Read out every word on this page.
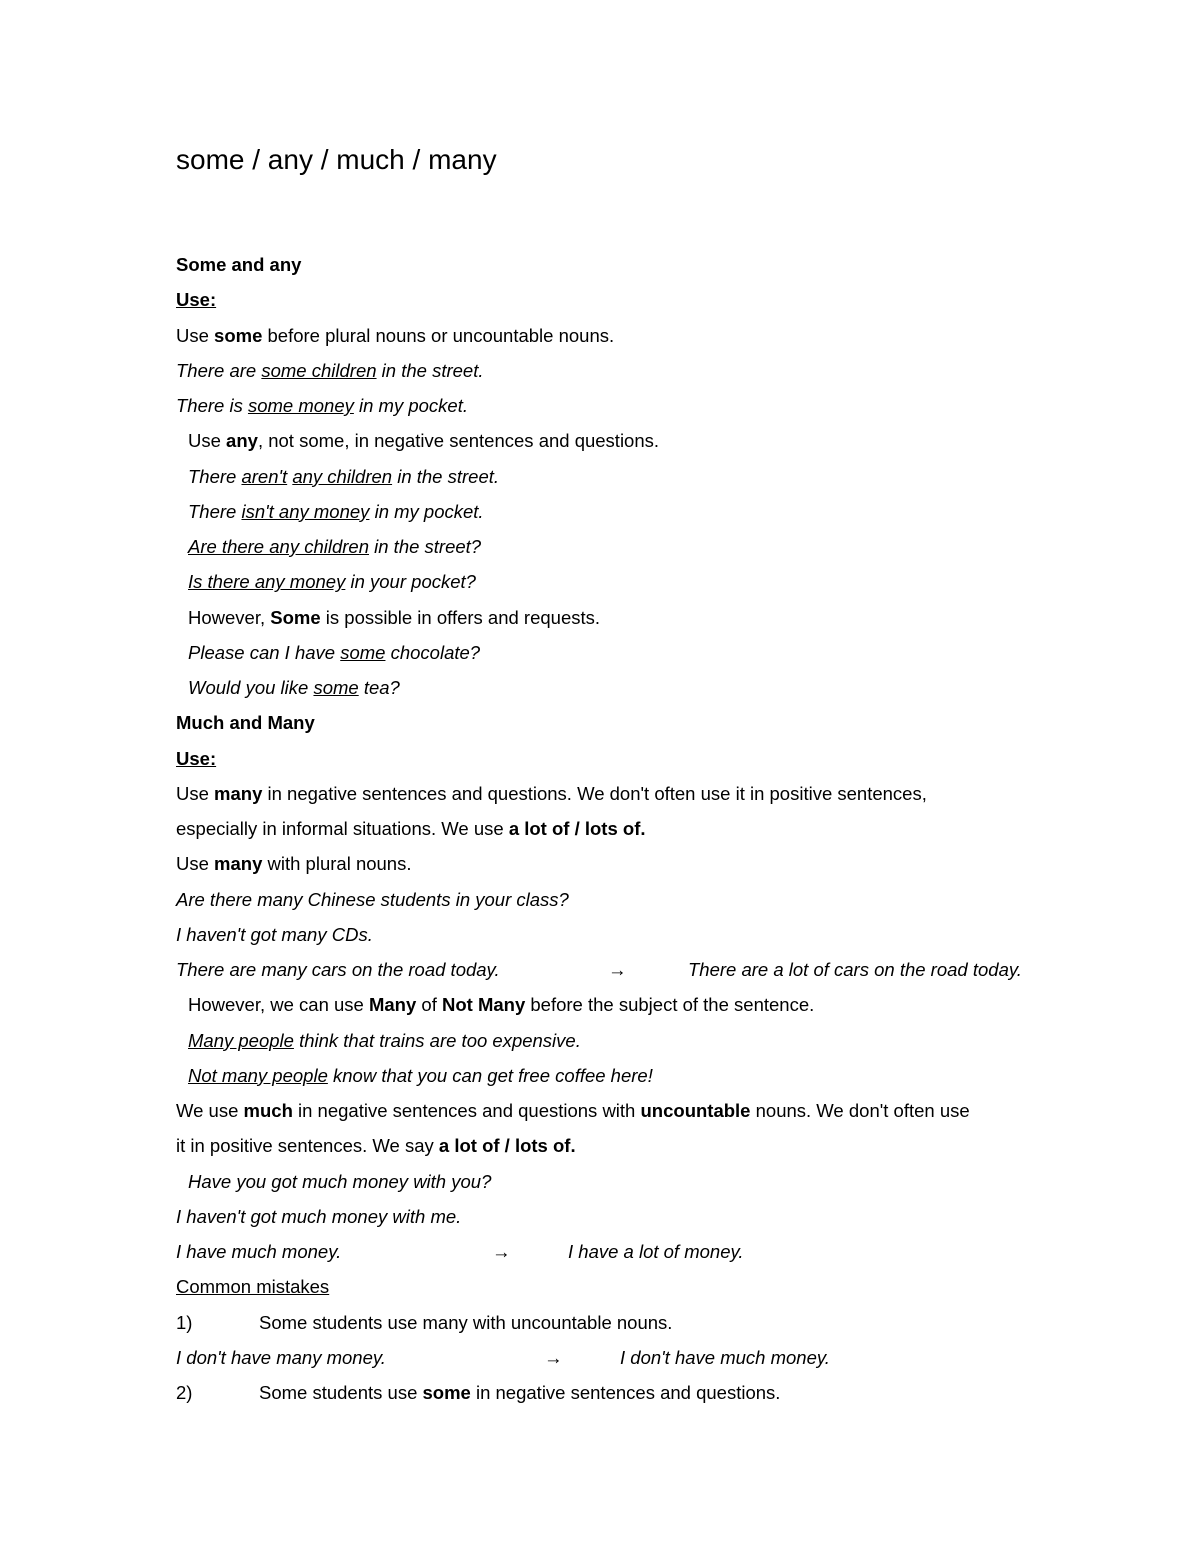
some / any / much / many
Some and any
Use:
Use some before plural nouns or uncountable nouns.
There are some children in the street.
There is some money in my pocket.
Use any, not some, in negative sentences and questions.
There aren't any children in the street.
There isn't any money in my pocket.
Are there any children in the street?
Is there any money in your pocket?
However, Some is possible in offers and requests.
Please can I have some chocolate?
Would you like some tea?
Much and Many
Use:
Use many in negative sentences and questions. We don't often use it in positive sentences,
especially in informal situations. We use a lot of / lots of.
Use many with plural nouns.
Are there many Chinese students in your class?
I haven't got many CDs.
There are many cars on the road today.	→	There are a lot of cars on the road today.
However, we can use Many of Not Many before the subject of the sentence.
Many people think that trains are too expensive.
Not many people know that you can get free coffee here!
We use much in negative sentences and questions with uncountable nouns. We don't often use
it in positive sentences. We say a lot of / lots of.
Have you got much money with you?
I haven't got much money with me.
I have much money.	→	I have a lot of money.
Common mistakes
1)	Some students use many with uncountable nouns.
I don't have many money.	→	I don't have much money.
2)	Some students use some in negative sentences and questions.
